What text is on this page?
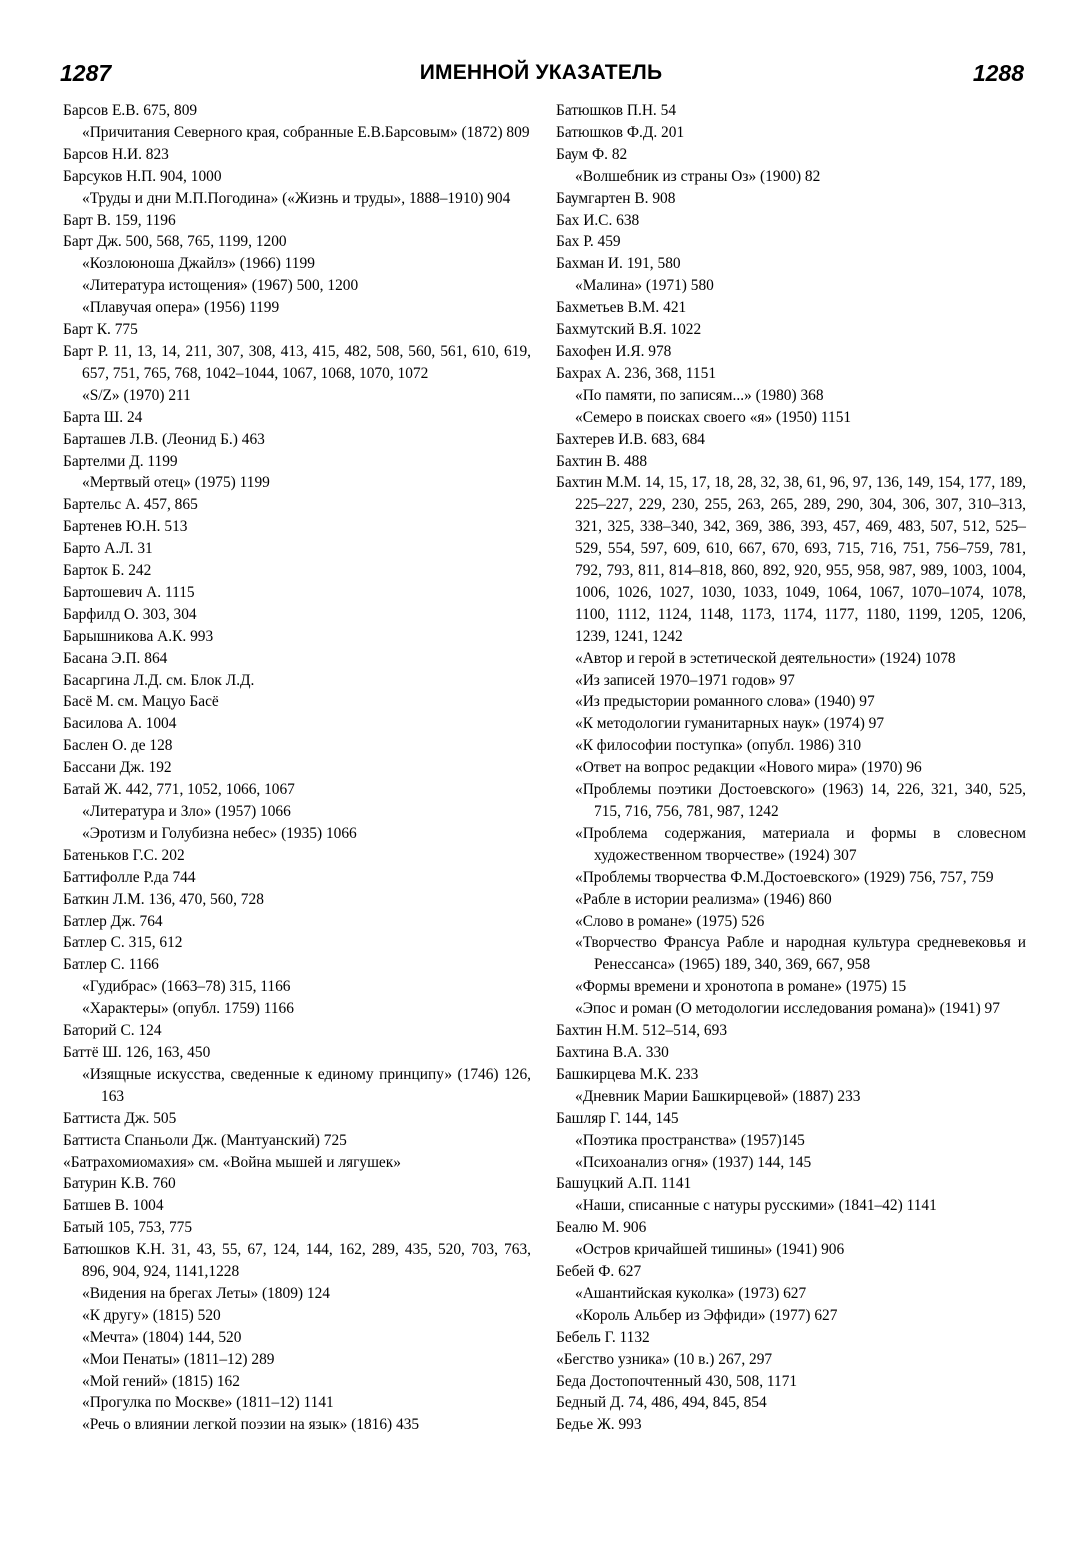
1287	ИМЕННОЙ УКАЗАТЕЛЬ	1288
Барсов Е.В. 675, 809
«Причитания Северного края, собранные Е.В.Барсовым» (1872) 809
Барсов Н.И. 823
Барсуков Н.П. 904, 1000
«Труды и дни М.П.Погодина» («Жизнь и труды», 1888–1910) 904
Барт В. 159, 1196
Барт Дж. 500, 568, 765, 1199, 1200
«Козлоюноша Джайлз» (1966) 1199
«Литература истощения» (1967) 500, 1200
«Плавучая опера» (1956) 1199
Барт К. 775
Барт Р. 11, 13, 14, 211, 307, 308, 413, 415, 482, 508, 560, 561, 610, 619, 657, 751, 765, 768, 1042–1044, 1067, 1068, 1070, 1072
«S/Z» (1970) 211
Барта Ш. 24
Барташев Л.В. (Леонид Б.) 463
Бартелми Д. 1199
«Мертвый отец» (1975) 1199
Бартельс А. 457, 865
Бартенев Ю.Н. 513
Барто А.Л. 31
Барток Б. 242
Бартошевич А. 1115
Барфилд О. 303, 304
Барышникова А.К. 993
Басана Э.П. 864
Басаргина Л.Д. см. Блок Л.Д.
Басё М. см. Мацуо Басё
Басилова А. 1004
Баслен О. де 128
Бассани Дж. 192
Батай Ж. 442, 771, 1052, 1066, 1067
«Литература и Зло» (1957) 1066
«Эротизм и Голубизна небес» (1935) 1066
Батеньков Г.С. 202
Баттифолле Р.да 744
Баткин Л.М. 136, 470, 560, 728
Батлер Дж. 764
Батлер С. 315, 612
Батлер С. 1166
«Гудибрас» (1663–78) 315, 1166
«Характеры» (опубл. 1759) 1166
Баторий С. 124
Баттё Ш. 126, 163, 450
«Изящные искусства, сведенные к единому принципу» (1746) 126, 163
Баттиста Дж. 505
Баттиста Спаньоли Дж. (Мантуанский) 725
«Батрахомиомахия» см. «Война мышей и лягушек»
Батурин К.В. 760
Батшев В. 1004
Батый 105, 753, 775
Батюшков К.Н. 31, 43, 55, 67, 124, 144, 162, 289, 435, 520, 703, 763, 896, 904, 924, 1141,1228
«Видения на брегах Леты» (1809) 124
«К другу» (1815) 520
«Мечта» (1804) 144, 520
«Мои Пенаты» (1811–12) 289
«Мой гений» (1815) 162
«Прогулка по Москве» (1811–12) 1141
«Речь о влиянии легкой поэзии на язык» (1816) 435
Батюшков П.Н. 54
Батюшков Ф.Д. 201
Баум Ф. 82
«Волшебник из страны Оз» (1900) 82
Баумгартен В. 908
Бах И.С. 638
Бах Р. 459
Бахман И. 191, 580
«Малина» (1971) 580
Бахметьев В.М. 421
Бахмутский В.Я. 1022
Бахофен И.Я. 978
Бахрах А. 236, 368, 1151
«По памяти, по записям...» (1980) 368
«Семеро в поисках своего «я» (1950) 1151
Бахтерев И.В. 683, 684
Бахтин В. 488
Бахтин М.М. 14, 15, 17, 18, 28, 32, 38, 61, 96, 97, 136, 149, 154, 177, 189, 225–227, 229, 230, 255, 263, 265, 289, 290, 304, 306, 307, 310–313, 321, 325, 338–340, 342, 369, 386, 393, 457, 469, 483, 507, 512, 525–529, 554, 597, 609, 610, 667, 670, 693, 715, 716, 751, 756–759, 781, 792, 793, 811, 814–818, 860, 892, 920, 955, 958, 987, 989, 1003, 1004, 1006, 1026, 1027, 1030, 1033, 1049, 1064, 1067, 1070–1074, 1078, 1100, 1112, 1124, 1148, 1173, 1174, 1177, 1180, 1199, 1205, 1206, 1239, 1241, 1242
«Автор и герой в эстетической деятельности» (1924) 1078
«Из записей 1970–1971 годов» 97
«Из предыстории романного слова» (1940) 97
«К методологии гуманитарных наук» (1974) 97
«К философии поступка» (опубл. 1986) 310
«Ответ на вопрос редакции «Нового мира» (1970) 96
«Проблемы поэтики Достоевского» (1963) 14, 226, 321, 340, 525, 715, 716, 756, 781, 987, 1242
«Проблема содержания, материала и формы в словесном художественном творчестве» (1924) 307
«Проблемы творчества Ф.М.Достоевского» (1929) 756, 757, 759
«Рабле в истории реализма» (1946) 860
«Слово в романе» (1975) 526
«Творчество Франсуа Рабле и народная культура средневековья и Ренессанса» (1965) 189, 340, 369, 667, 958
«Формы времени и хронотопа в романе» (1975) 15
«Эпос и роман (О методологии исследования романа)» (1941) 97
Бахтин Н.М. 512–514, 693
Бахтина В.А. 330
Башкирцева М.К. 233
«Дневник Марии Башкирцевой» (1887) 233
Башляр Г. 144, 145
«Поэтика пространства» (1957)145
«Психоанализ огня» (1937) 144, 145
Башуцкий А.П. 1141
«Наши, списанные с натуры русскими» (1841–42) 1141
Беалю М. 906
«Остров кричайшей тишины» (1941) 906
Бебей Ф. 627
«Ашантийская куколка» (1973) 627
«Король Альбер из Эффиди» (1977) 627
Бебель Г. 1132
«Бегство узника» (10 в.) 267, 297
Беда Достопочтенный 430, 508, 1171
Бедный Д. 74, 486, 494, 845, 854
Бедье Ж. 993
